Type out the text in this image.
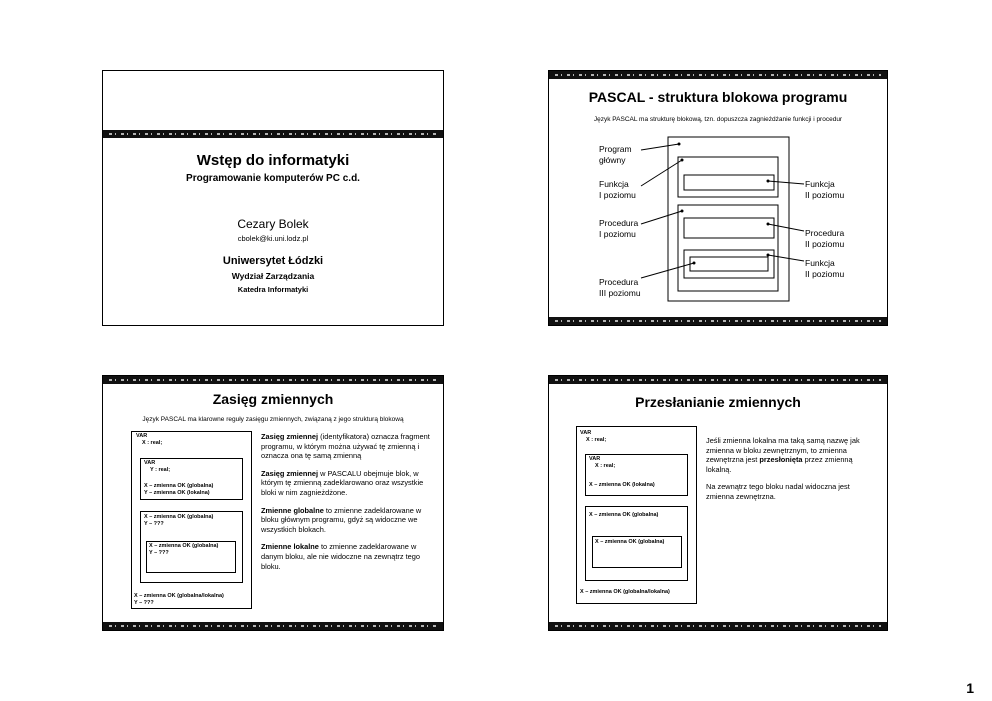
Wstęp do informatyki
Programowanie komputerów PC c.d.
Cezary Bolek
cbolek@ki.uni.lodz.pl
Uniwersytet Łódzki
Wydział Zarządzania
Katedra Informatyki
PASCAL - struktura blokowa programu
Język PASCAL ma strukturę blokową, tzn. dopuszcza zagnieżdżanie funkcji i procedur
Program
główny
Funkcja
I poziomu
Procedura
I poziomu
Procedura
III poziomu
Funkcja
II poziomu
Procedura
II poziomu
Funkcja
II poziomu
Zasięg zmiennych
Język PASCAL ma klarowne reguły zasięgu zmiennych, związaną z jego strukturą blokową
VAR
X : real;
VAR
Y : real;
X – zmienna OK (globalna)
Y – zmienna OK (lokalna)
X – zmienna OK (globalna)
Y – ???
X – zmienna OK (globalna)
Y – ???
X – zmienna OK (globalna/lokalna)
Y – ???

Zasięg zmiennej (identyfikatora) oznacza fragment programu, w którym można używać tę zmienną i oznacza ona tę samą zmienną

Zasięg zmiennej w PASCALU obejmuje blok, w którym tę zmienną zadeklarowano oraz wszystkie bloki w nim zagnieżdżone.

Zmienne globalne to zmienne zadeklarowane w bloku głównym programu, gdyż są widoczne we wszystkich blokach.

Zmienne lokalne to zmienne zadeklarowane w danym bloku, ale nie widoczne na zewnątrz tego bloku.

Przesłanianie zmiennych
VAR
X : real;
VAR
X : real;
X – zmienna OK (lokalna)
X – zmienna OK (globalna)
X – zmienna OK (globalna)
X – zmienna OK (globalna/lokalna)

Jeśli zmienna lokalna ma taką samą nazwę jak zmienna w bloku zewnętrznym, to zmienna zewnętrzna jest przesłonięta przez zmienną lokalną.

Na zewnątrz tego bloku nadal widoczna jest zmienna zewnętrzna.

1
